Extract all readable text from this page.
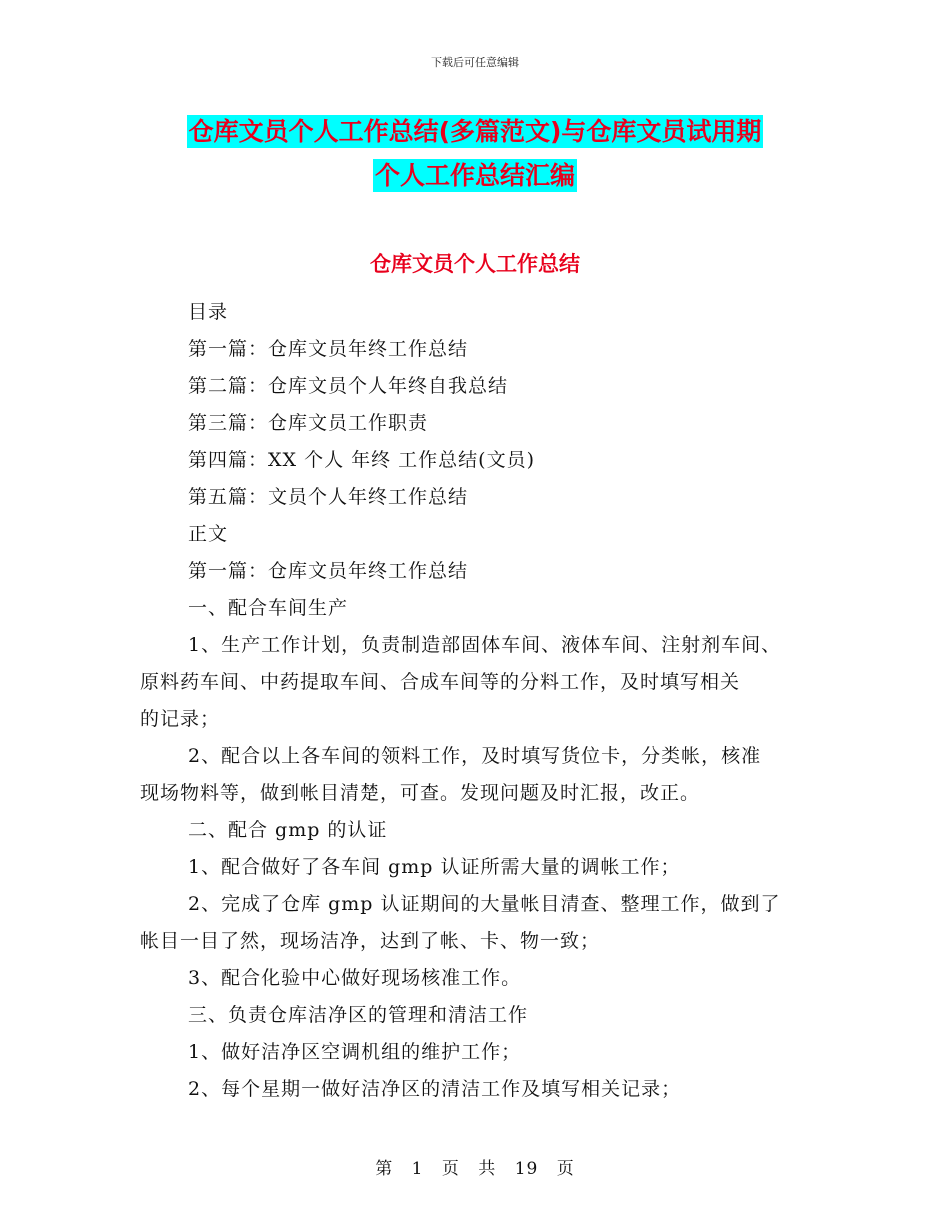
下载后可任意编辑
仓库文员个人工作总结(多篇范文)与仓库文员试用期
个人工作总结汇编
仓库文员个人工作总结
目录
第一篇：仓库文员年终工作总结
第二篇：仓库文员个人年终自我总结
第三篇：仓库文员工作职责
第四篇：XX 个人 年终 工作总结(文员)
第五篇：文员个人年终工作总结
正文
第一篇：仓库文员年终工作总结
一、配合车间生产
1、生产工作计划，负责制造部固体车间、液体车间、注射剂车间、
原料药车间、中药提取车间、合成车间等的分料工作，及时填写相关
的记录；
2、配合以上各车间的领料工作，及时填写货位卡，分类帐，核准
现场物料等，做到帐目清楚，可查。发现问题及时汇报，改正。
二、配合 gmp 的认证
1、配合做好了各车间 gmp 认证所需大量的调帐工作；
2、完成了仓库 gmp 认证期间的大量帐目清查、整理工作，做到了
帐目一目了然，现场洁净，达到了帐、卡、物一致；
3、配合化验中心做好现场核准工作。
三、负责仓库洁净区的管理和清洁工作
1、做好洁净区空调机组的维护工作；
2、每个星期一做好洁净区的清洁工作及填写相关记录；
第 1 页 共 19 页
